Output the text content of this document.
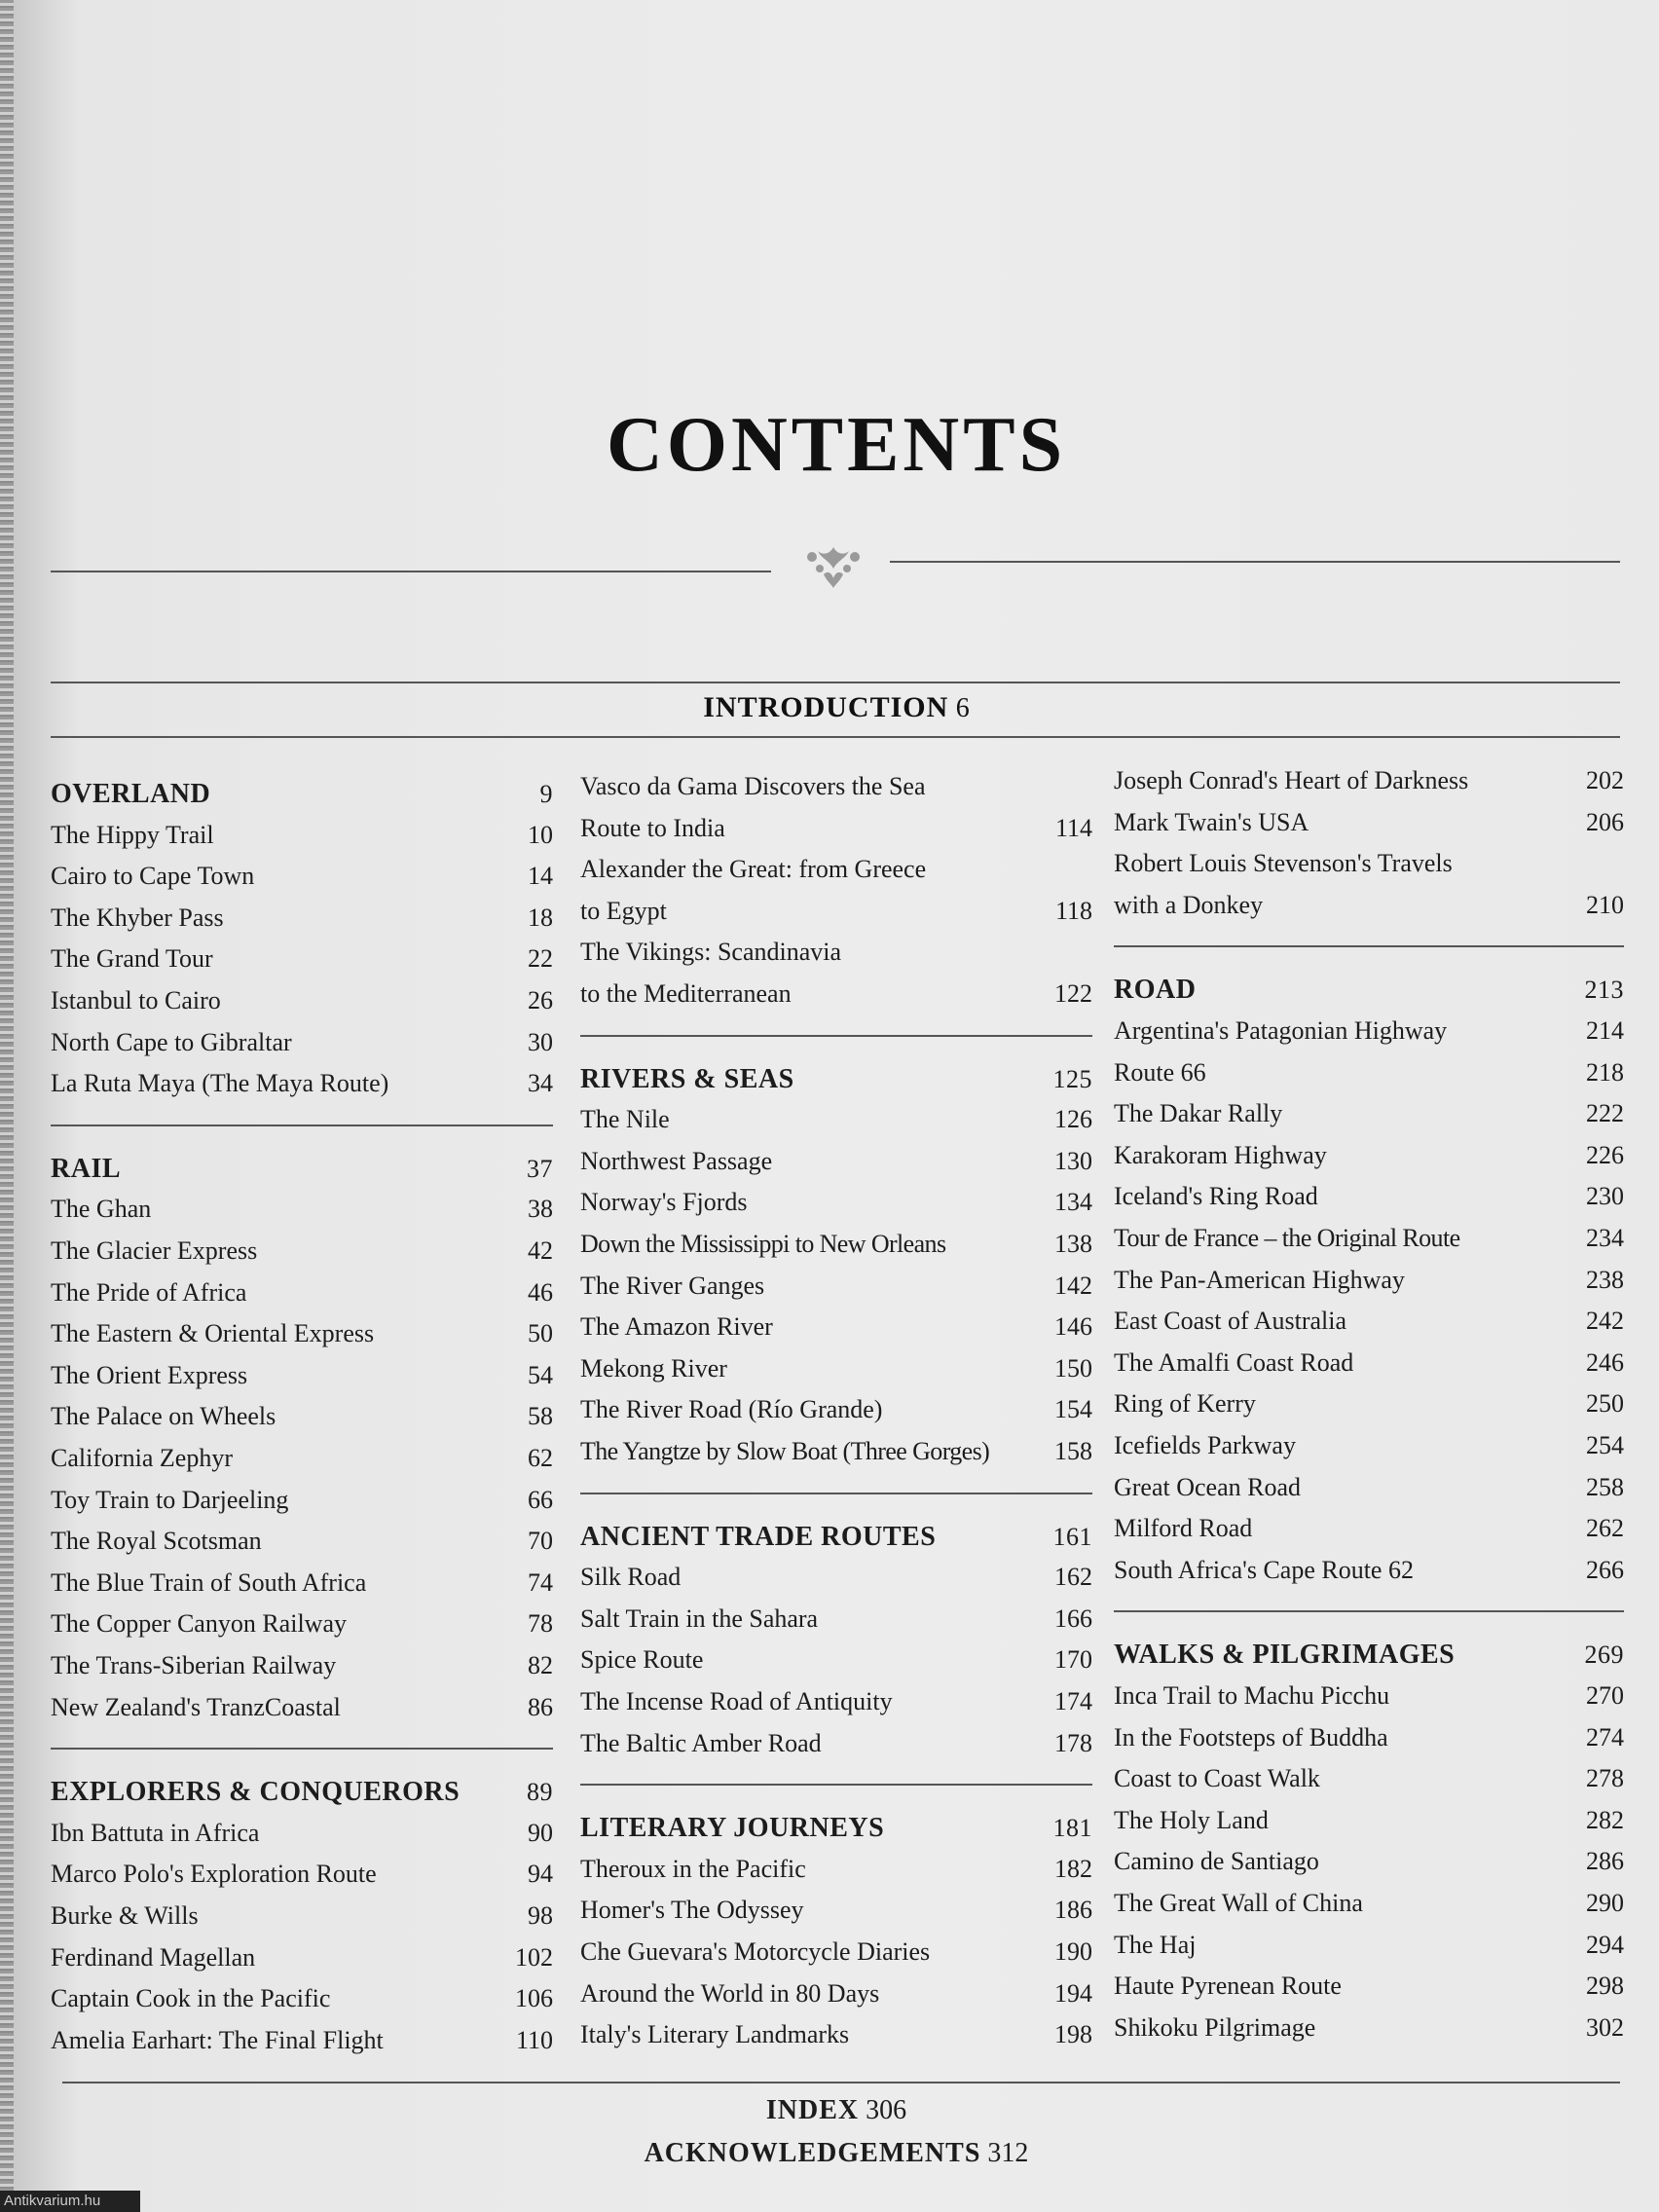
CONTENTS
INTRODUCTION 6
OVERLAND	9
The Hippy Trail	10
Cairo to Cape Town	14
The Khyber Pass	18
The Grand Tour	22
Istanbul to Cairo	26
North Cape to Gibraltar	30
La Ruta Maya (The Maya Route)	34
RAIL	37
The Ghan	38
The Glacier Express	42
The Pride of Africa	46
The Eastern & Oriental Express	50
The Orient Express	54
The Palace on Wheels	58
California Zephyr	62
Toy Train to Darjeeling	66
The Royal Scotsman	70
The Blue Train of South Africa	74
The Copper Canyon Railway	78
The Trans-Siberian Railway	82
New Zealand's TranzCoastal	86
EXPLORERS & CONQUERORS	89
Ibn Battuta in Africa	90
Marco Polo's Exploration Route	94
Burke & Wills	98
Ferdinand Magellan	102
Captain Cook in the Pacific	106
Amelia Earhart: The Final Flight	110
Vasco da Gama Discovers the Sea
Route to India	114
Alexander the Great: from Greece
to Egypt	118
The Vikings: Scandinavia
to the Mediterranean	122
RIVERS & SEAS	125
The Nile	126
Northwest Passage	130
Norway's Fjords	134
Down the Mississippi to New Orleans	138
The River Ganges	142
The Amazon River	146
Mekong River	150
The River Road (Río Grande)	154
The Yangtze by Slow Boat (Three Gorges)	158
ANCIENT TRADE ROUTES	161
Silk Road	162
Salt Train in the Sahara	166
Spice Route	170
The Incense Road of Antiquity	174
The Baltic Amber Road	178
LITERARY JOURNEYS	181
Theroux in the Pacific	182
Homer's The Odyssey	186
Che Guevara's Motorcycle Diaries	190
Around the World in 80 Days	194
Italy's Literary Landmarks	198
Joseph Conrad's Heart of Darkness	202
Mark Twain's USA	206
Robert Louis Stevenson's Travels
with a Donkey	210
ROAD	213
Argentina's Patagonian Highway	214
Route 66	218
The Dakar Rally	222
Karakoram Highway	226
Iceland's Ring Road	230
Tour de France – the Original Route	234
The Pan-American Highway	238
East Coast of Australia	242
The Amalfi Coast Road	246
Ring of Kerry	250
Icefields Parkway	254
Great Ocean Road	258
Milford Road	262
South Africa's Cape Route 62	266
WALKS & PILGRIMAGES	269
Inca Trail to Machu Picchu	270
In the Footsteps of Buddha	274
Coast to Coast Walk	278
The Holy Land	282
Camino de Santiago	286
The Great Wall of China	290
The Haj	294
Haute Pyrenean Route	298
Shikoku Pilgrimage	302
INDEX 306
ACKNOWLEDGEMENTS 312
Antikvarium.hu
